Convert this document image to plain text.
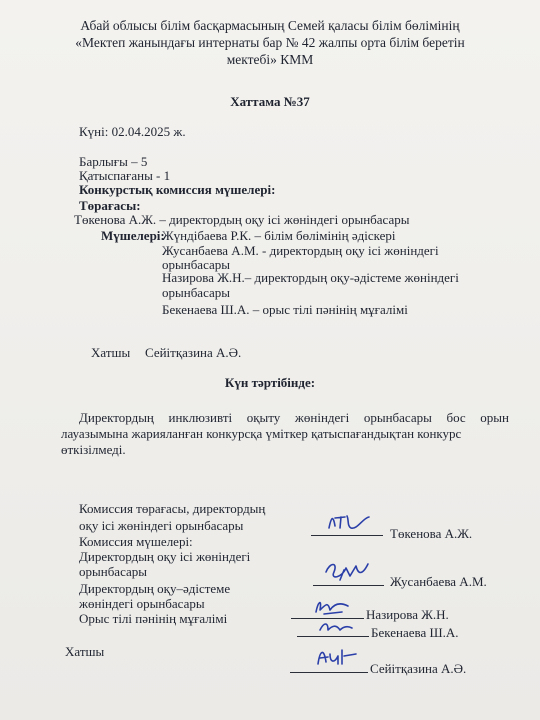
Абай облысы білім басқармасының Семей қаласы білім бөлімінің
«Мектеп жанындағы интернаты бар № 42 жалпы орта білім беретін
мектебі» КММ
Хаттама №37
Күні: 02.04.2025 ж.
Барлығы – 5
Қатыспағаны - 1
Конкурстық комиссия мүшелері:
Төрағасы:
Төкенова А.Ж. – директордың оқу ісі жөніндегі орынбасары
Мүшелері:
Жүндібаева Р.К. – білім бөлімінің әдіскері
Жусанбаева А.М. - директордың оқу ісі жөніндегі
орынбасары
Назирова Ж.Н.– директордың оқу-әдістеме жөніндегі
орынбасары
Бекенаева Ш.А. – орыс тілі пәнінің мұғалімі
Хатшы Сейітқазина А.Ә.
Күн тәртібінде:
Директордың инклюзивті оқыту жөніндегі орынбасары бос орын
лауазымына жарияланған конкурсқа үміткер қатыспағандықтан конкурс
өткізілмеді.
Комиссия төрағасы, директордың
оқу ісі жөніндегі орынбасары
Төкенова А.Ж.
Комиссия мүшелері:
Директордың оқу ісі жөніндегі
орынбасары
Жусанбаева А.М.
Директордың оқу–әдістеме
жөніндегі орынбасары
Назирова Ж.Н.
Орыс тілі пәнінің мұғалімі
Бекенаева Ш.А.
Хатшы
Сейітқазина А.Ә.
